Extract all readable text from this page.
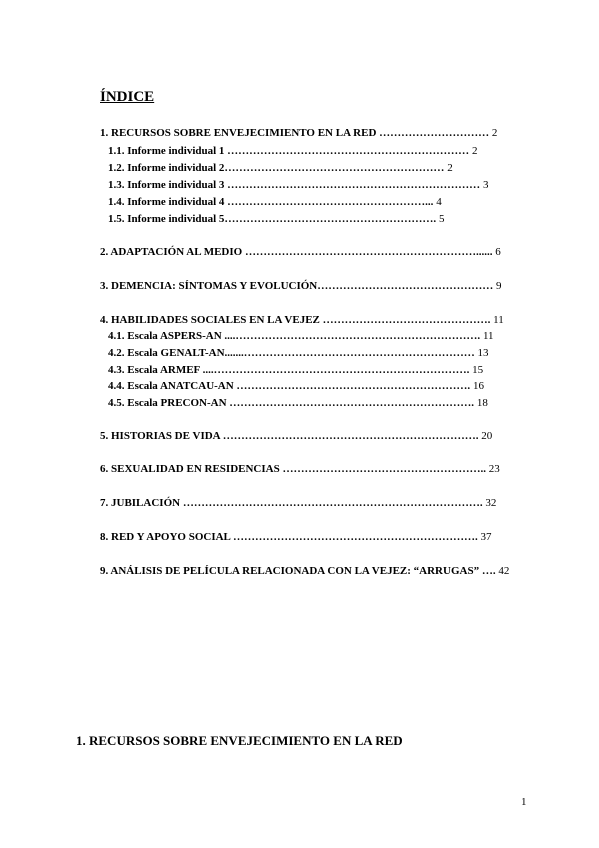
ÍNDICE
1. RECURSOS SOBRE ENVEJECIMIENTO EN LA RED ………………………… 2
1.1. Informe individual 1 ………………………………………………………… 2
1.2. Informe individual 2…………………………………………………… 2
1.3. Informe individual 3 …………………………………………………………… 3
1.4. Informe individual 4 ………………………………………………... 4
1.5. Informe individual 5…………………………………………………. 5
2. ADAPTACIÓN AL MEDIO ………………………………………………………...... 6
3. DEMENCIA: SÍNTOMAS Y EVOLUCIÓN………………………………………… 9
4. HABILIDADES SOCIALES EN LA VEJEZ ………………………………………. 11
4.1. Escala ASPERS-AN ....…………………………………………………………. 11
4.2. Escala GENALT-AN.......……………………………………………………… 13
4.3. Escala ARMEF ....……………………………………………………………. 15
4.4. Escala ANATCAU-AN ………………………………………………………. 16
4.5. Escala PRECON-AN …………………………………………………………. 18
5. HISTORIAS DE VIDA ……………………………………………………………. 20
6. SEXUALIDAD EN RESIDENCIAS ……………………………………………….. 23
7. JUBILACIÓN ………………………………………………………………………. 32
8. RED Y APOYO SOCIAL …………………………………………………………. 37
9. ANÁLISIS DE PELÍCULA RELACIONADA CON LA VEJEZ: “ARRUGAS” …. 42
1. RECURSOS SOBRE ENVEJECIMIENTO EN LA RED
1
